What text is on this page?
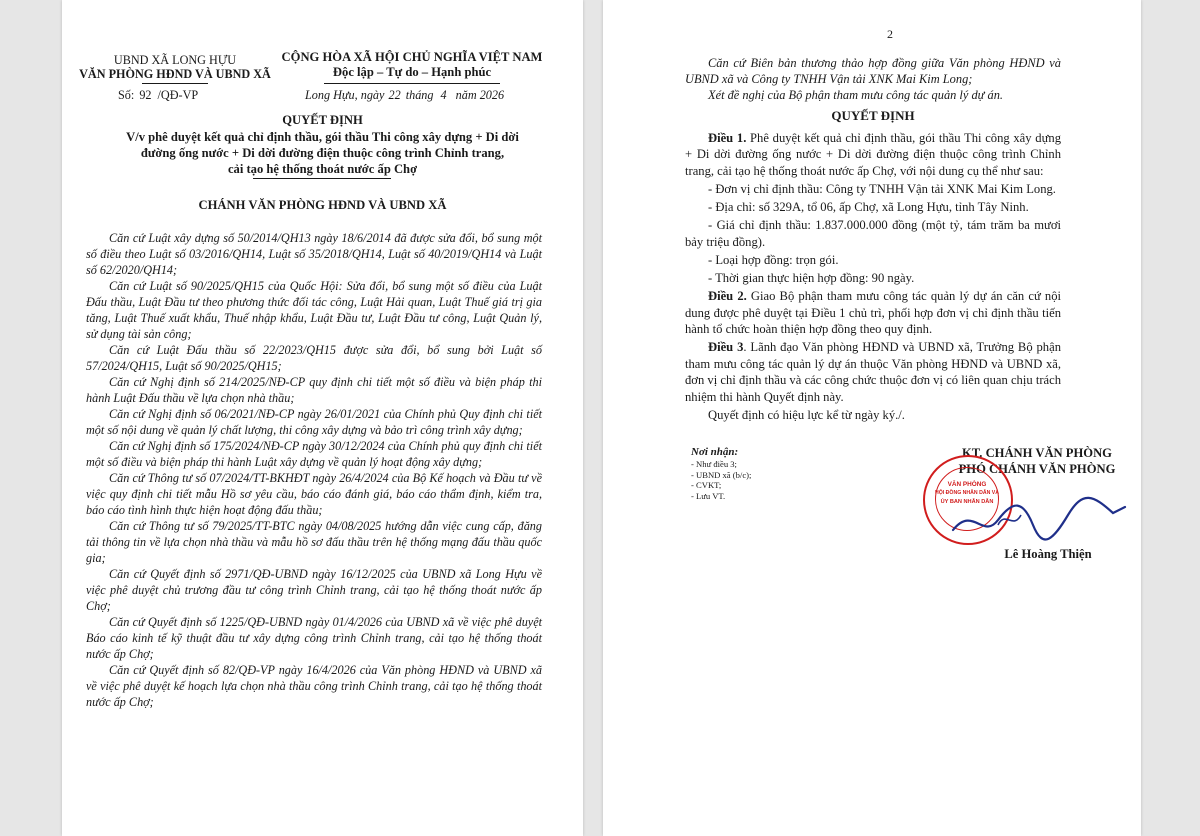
UBND XÃ LONG HỰU
VĂN PHÒNG HĐND VÀ UBND XÃ
CỘNG HÒA XÃ HỘI CHỦ NGHĨA VIỆT NAM
Độc lập – Tự do – Hạnh phúc
Số: 92 /QĐ-VP	Long Hựu, ngày 22 tháng 4 năm 2026
QUYẾT ĐỊNH
V/v phê duyệt kết quả chỉ định thầu, gói thầu Thi công xây dựng + Di dời
đường ống nước + Di dời đường điện thuộc công trình Chỉnh trang,
cải tạo hệ thống thoát nước ấp Chợ
CHÁNH VĂN PHÒNG HĐND VÀ UBND XÃ

Căn cứ Luật xây dựng số 50/2014/QH13 ngày 18/6/2014 đã được sửa đổi, bổ sung một số điều theo Luật số 03/2016/QH14, Luật số 35/2018/QH14, Luật số 40/2019/QH14 và Luật số 62/2020/QH14;

Căn cứ Luật số 90/2025/QH15 của Quốc Hội: Sửa đổi, bổ sung một số điều của Luật Đấu thầu, Luật Đầu tư theo phương thức đối tác công, Luật Hải quan, Luật Thuế giá trị gia tăng, Luật Thuế xuất khẩu, Thuế nhập khẩu, Luật Đầu tư, Luật Đầu tư công, Luật Quản lý, sử dụng tài sản công;

Căn cứ Luật Đấu thầu số 22/2023/QH15 được sửa đổi, bổ sung bởi Luật số 57/2024/QH15, Luật số 90/2025/QH15;

Căn cứ Nghị định số 214/2025/NĐ-CP quy định chi tiết một số điều và biện pháp thi hành Luật Đấu thầu về lựa chọn nhà thầu;

Căn cứ Nghị định số 06/2021/NĐ-CP ngày 26/01/2021 của Chính phủ Quy định chi tiết một số nội dung về quản lý chất lượng, thi công xây dựng và bảo trì công trình xây dựng;

Căn cứ Nghị định số 175/2024/NĐ-CP ngày 30/12/2024 của Chính phủ quy định chi tiết một số điều và biện pháp thi hành Luật xây dựng về quản lý hoạt động xây dựng;

Căn cứ Thông tư số 07/2024/TT-BKHĐT ngày 26/4/2024 của Bộ Kế hoạch và Đầu tư về việc quy định chi tiết mẫu Hồ sơ yêu cầu, báo cáo đánh giá, báo cáo thẩm định, kiểm tra, báo cáo tình hình thực hiện hoạt động đấu thầu;

Căn cứ Thông tư số 79/2025/TT-BTC ngày 04/08/2025 hướng dẫn việc cung cấp, đăng tải thông tin về lựa chọn nhà thầu và mẫu hồ sơ đấu thầu trên hệ thống mạng đấu thầu quốc gia;

Căn cứ Quyết định số 2971/QĐ-UBND ngày 16/12/2025 của UBND xã Long Hựu về việc phê duyệt chủ trương đầu tư công trình Chỉnh trang, cải tạo hệ thống thoát nước ấp Chợ;

Căn cứ Quyết định số 1225/QĐ-UBND ngày 01/4/2026 của UBND xã về việc phê duyệt Báo cáo kinh tế kỹ thuật đầu tư xây dựng công trình Chỉnh trang, cải tạo hệ thống thoát nước ấp Chợ;

Căn cứ Quyết định số 82/QĐ-VP ngày 16/4/2026 của Văn phòng HĐND và UBND xã về việc phê duyệt kế hoạch lựa chọn nhà thầu công trình Chỉnh trang, cải tạo hệ thống thoát nước ấp Chợ;

2

Căn cứ Biên bản thương thảo hợp đồng giữa Văn phòng HĐND và UBND xã và Công ty TNHH Vận tải XNK Mai Kim Long;

Xét đề nghị của Bộ phận tham mưu công tác quản lý dự án.

QUYẾT ĐỊNH

Điều 1. Phê duyệt kết quả chỉ định thầu, gói thầu Thi công xây dựng + Di dời đường ống nước + Di dời đường điện thuộc công trình Chỉnh trang, cải tạo hệ thống thoát nước ấp Chợ, với nội dung cụ thể như sau:

- Đơn vị chỉ định thầu: Công ty TNHH Vận tải XNK Mai Kim Long.

- Địa chỉ: số 329A, tổ 06, ấp Chợ, xã Long Hựu, tỉnh Tây Ninh.

- Giá chỉ định thầu: 1.837.000.000 đồng (một tỷ, tám trăm ba mươi bảy triệu đồng).

- Loại hợp đồng: trọn gói.

- Thời gian thực hiện hợp đồng: 90 ngày.

Điều 2. Giao Bộ phận tham mưu công tác quản lý dự án căn cứ nội dung được phê duyệt tại Điều 1 chủ trì, phối hợp đơn vị chỉ định thầu tiến hành tổ chức hoàn thiện hợp đồng theo quy định.

Điều 3. Lãnh đạo Văn phòng HĐND và UBND xã, Trưởng Bộ phận tham mưu công tác quản lý dự án thuộc Văn phòng HĐND và UBND xã, đơn vị chỉ định thầu và các công chức thuộc đơn vị có liên quan chịu trách nhiệm thi hành Quyết định này.

Quyết định có hiệu lực kể từ ngày ký./.

Nơi nhận:
- Như điều 3;
- UBND xã (b/c);
- CVKT;
- Lưu VT.
KT. CHÁNH VĂN PHÒNG
PHÓ CHÁNH VĂN PHÒNG
VĂN PHÒNG
HỘI ĐỒNG NHÂN DÂN VÀ
ỦY BAN NHÂN DÂN
Lê Hoàng Thiện
